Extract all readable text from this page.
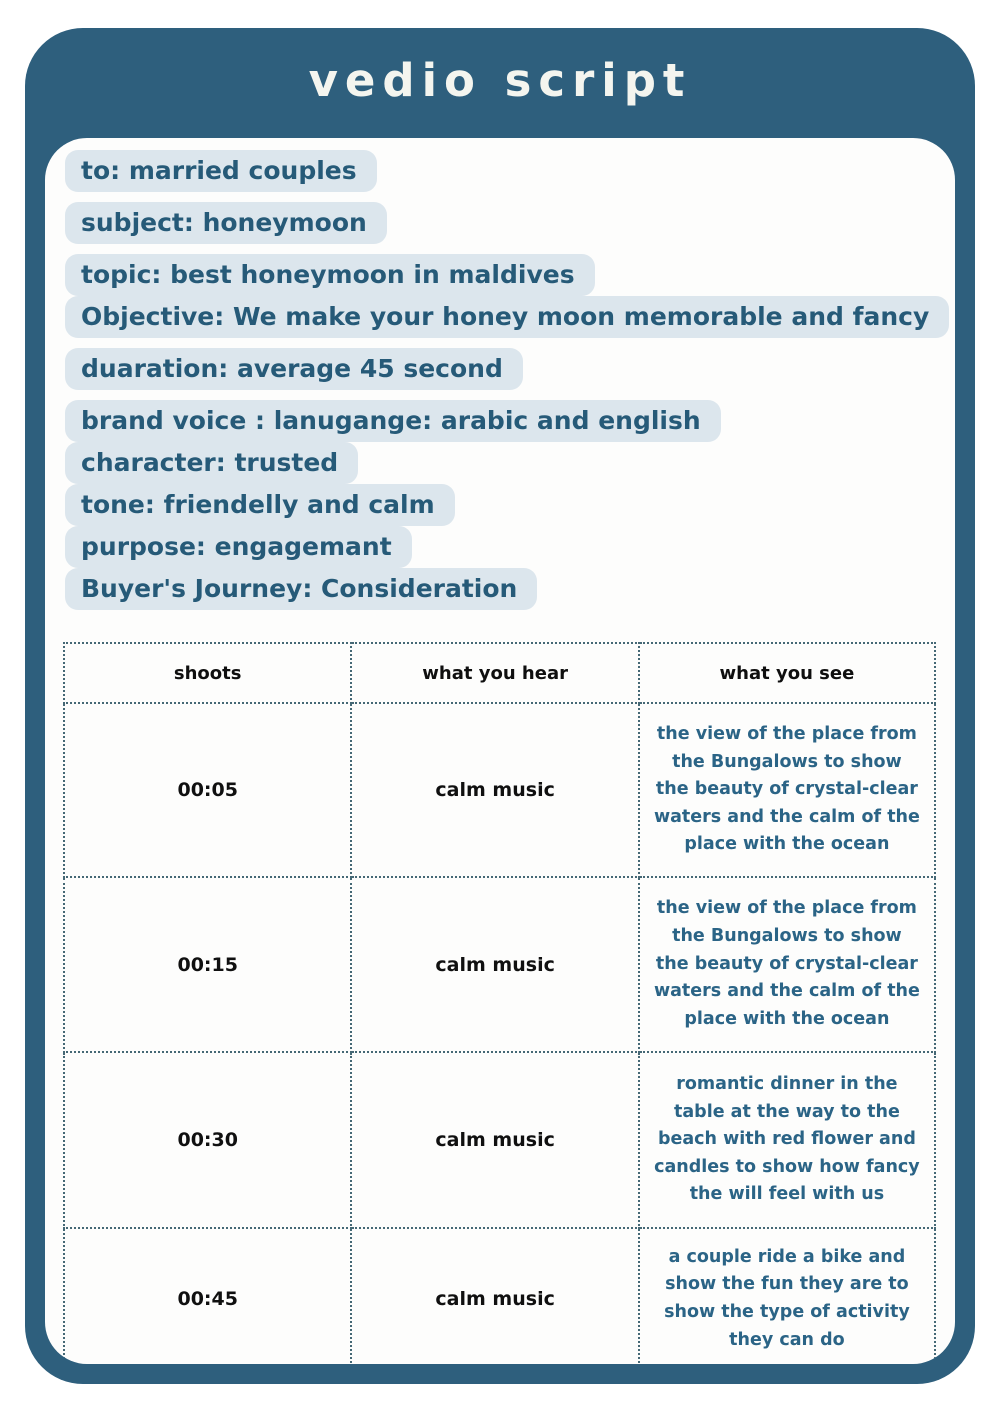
vedio script
to: married couples
subject: honeymoon
topic: best honeymoon in maldives
Objective: We make your honey moon memorable and fancy
duaration: average 45 second
brand voice : lanugange: arabic and english
character: trusted
tone: friendelly and calm
purpose: engagemant
Buyer's Journey: Consideration
shoots	what you hear	what you see
00:05	calm music	the view of the place from the Bungalows to show the beauty of crystal-clear waters and the calm of the place with the ocean
00:15	calm music	the view of the place from the Bungalows to show the beauty of crystal-clear waters and the calm of the place with the ocean
00:30	calm music	romantic dinner in the table at the way to the beach with red flower and candles to show how fancy the will feel with us
00:45	calm music	a couple ride a bike and show the fun they are to show the type of activity they can do
